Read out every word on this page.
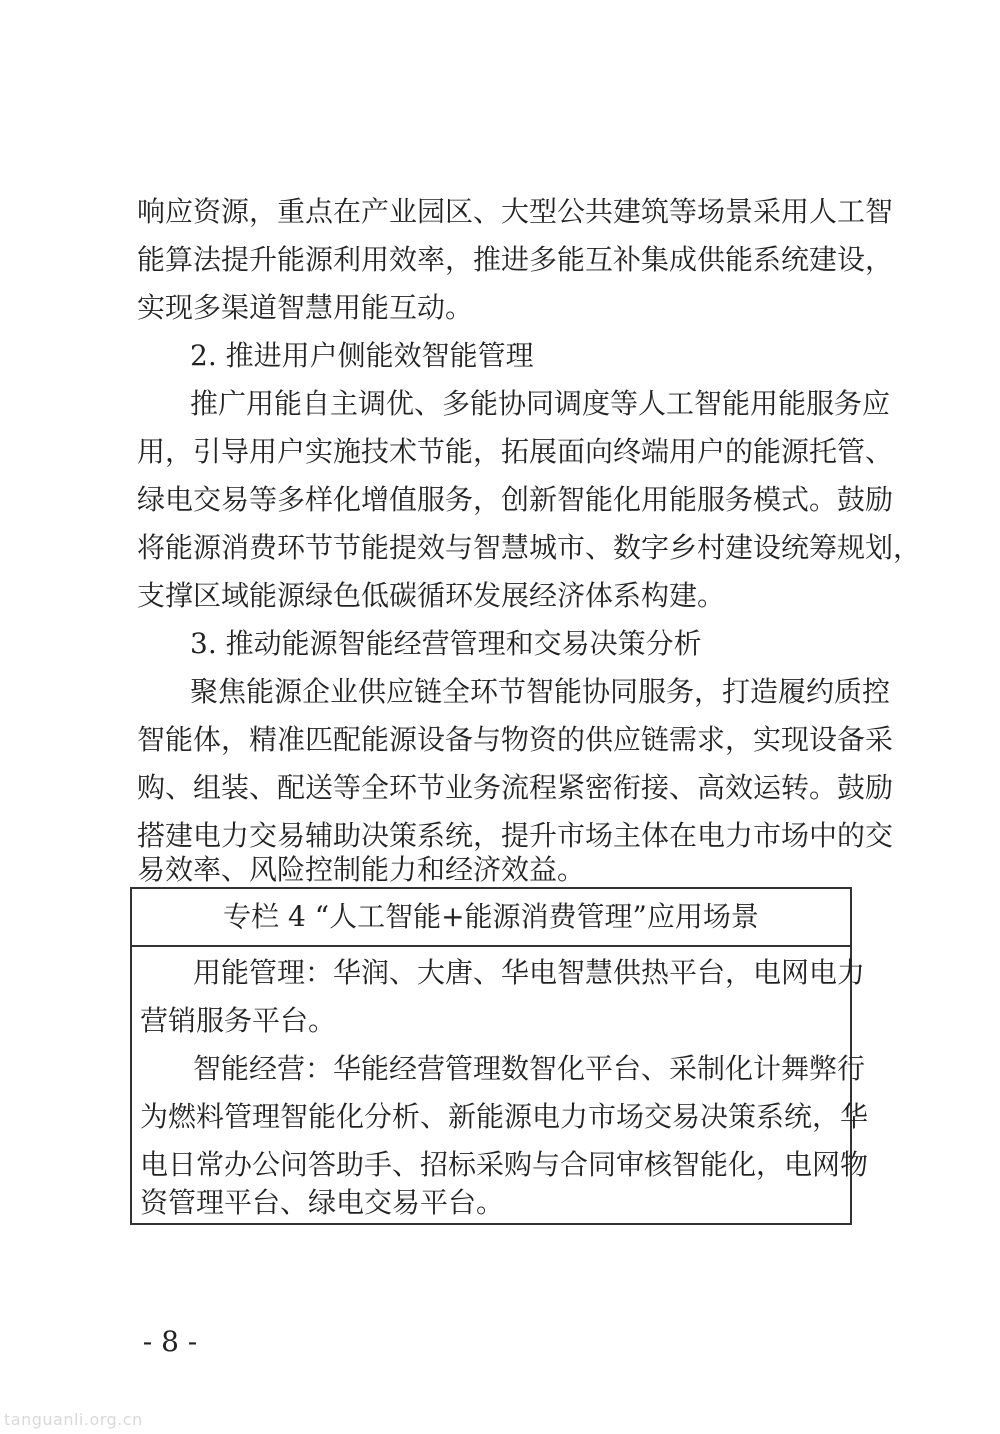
响应资源，重点在产业园区、大型公共建筑等场景采用人工智
能算法提升能源利用效率，推进多能互补集成供能系统建设，
实现多渠道智慧用能互动。
2. 推进用户侧能效智能管理
推广用能自主调优、多能协同调度等人工智能用能服务应
用，引导用户实施技术节能，拓展面向终端用户的能源托管、
绿电交易等多样化增值服务，创新智能化用能服务模式。鼓励
将能源消费环节节能提效与智慧城市、数字乡村建设统筹规划，
支撑区域能源绿色低碳循环发展经济体系构建。
3. 推动能源智能经营管理和交易决策分析
聚焦能源企业供应链全环节智能协同服务，打造履约质控
智能体，精准匹配能源设备与物资的供应链需求，实现设备采
购、组装、配送等全环节业务流程紧密衔接、高效运转。鼓励
搭建电力交易辅助决策系统，提升市场主体在电力市场中的交
易效率、风险控制能力和经济效益。
专栏 4 “人工智能+能源消费管理”应用场景
用能管理：华润、大唐、华电智慧供热平台，电网电力
营销服务平台。
智能经营：华能经营管理数智化平台、采制化计舞弊行
为燃料管理智能化分析、新能源电力市场交易决策系统，华
电日常办公问答助手、招标采购与合同审核智能化，电网物
资管理平台、绿电交易平台。
- 8 -
tanguanli.org.cn
